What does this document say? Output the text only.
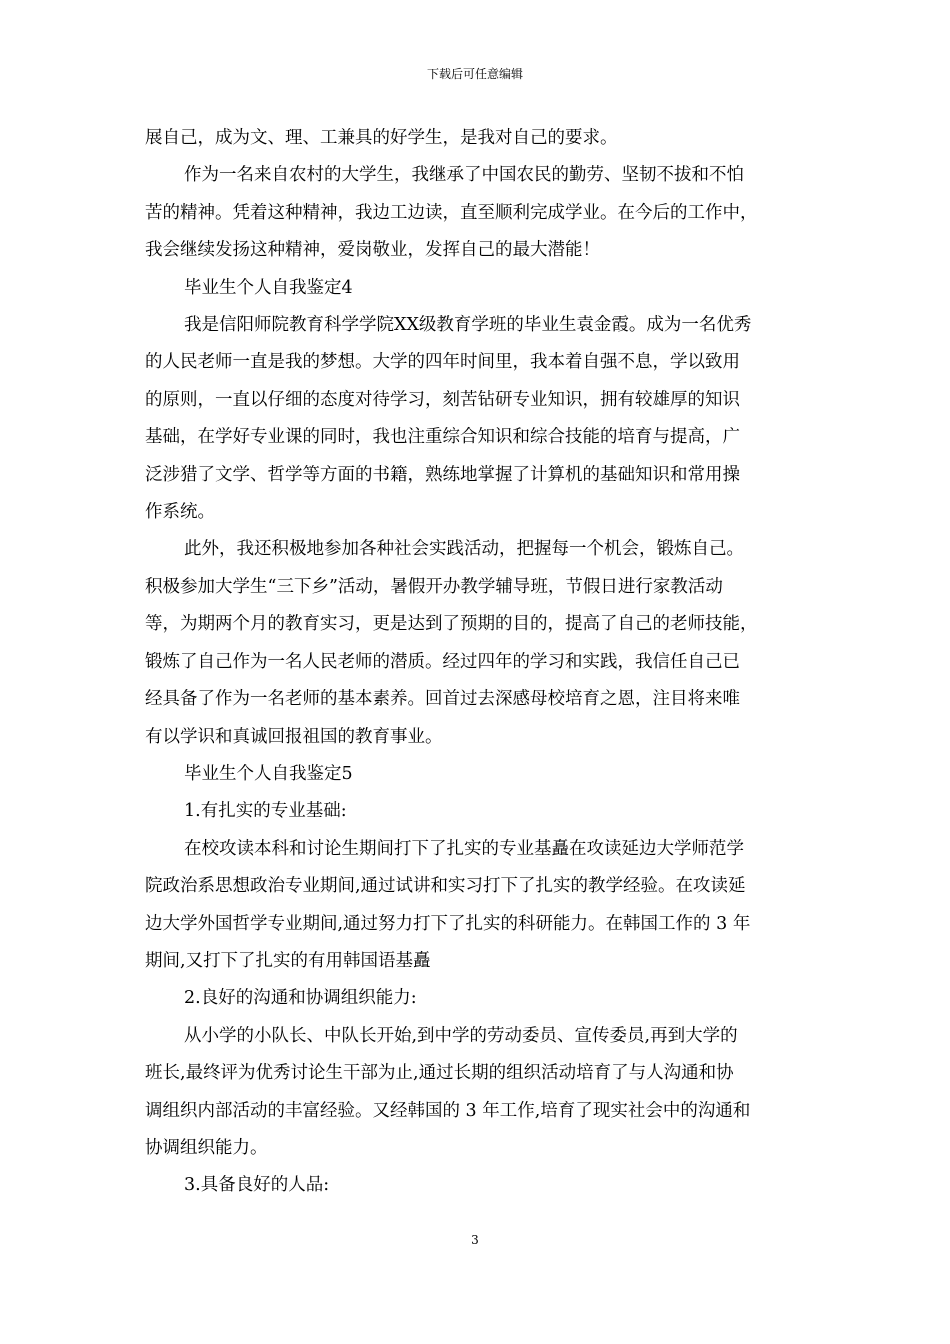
下载后可任意编辑

展自己，成为文、理、工兼具的好学生，是我对自己的要求。

作为一名来自农村的大学生，我继承了中国农民的勤劳、坚韧不拔和不怕

苦的精神。凭着这种精神，我边工边读，直至顺利完成学业。在今后的工作中，

我会继续发扬这种精神，爱岗敬业，发挥自己的最大潜能！

毕业生个人自我鉴定4

我是信阳师院教育科学学院XX级教育学班的毕业生袁金霞。成为一名优秀

的人民老师一直是我的梦想。大学的四年时间里，我本着自强不息，学以致用

的原则，一直以仔细的态度对待学习，刻苦钻研专业知识，拥有较雄厚的知识

基础，在学好专业课的同时，我也注重综合知识和综合技能的培育与提高，广

泛涉猎了文学、哲学等方面的书籍，熟练地掌握了计算机的基础知识和常用操

作系统。

此外，我还积极地参加各种社会实践活动，把握每一个机会，锻炼自己。

积极参加大学生“三下乡”活动，暑假开办教学辅导班，节假日进行家教活动

等，为期两个月的教育实习，更是达到了预期的目的，提高了自己的老师技能，

锻炼了自己作为一名人民老师的潜质。经过四年的学习和实践，我信任自己已

经具备了作为一名老师的基本素养。回首过去深感母校培育之恩，注目将来唯

有以学识和真诚回报祖国的教育事业。

毕业生个人自我鉴定5

1.有扎实的专业基础:

在校攻读本科和讨论生期间打下了扎实的专业基矗在攻读延边大学师范学

院政治系思想政治专业期间,通过试讲和实习打下了扎实的教学经验。在攻读延

边大学外国哲学专业期间,通过努力打下了扎实的科研能力。在韩国工作的 3 年

期间,又打下了扎实的有用韩国语基矗

2.良好的沟通和协调组织能力:

从小学的小队长、中队长开始,到中学的劳动委员、宣传委员,再到大学的

班长,最终评为优秀讨论生干部为止,通过长期的组织活动培育了与人沟通和协

调组织内部活动的丰富经验。又经韩国的 3 年工作,培育了现实社会中的沟通和

协调组织能力。

3.具备良好的人品:

3
